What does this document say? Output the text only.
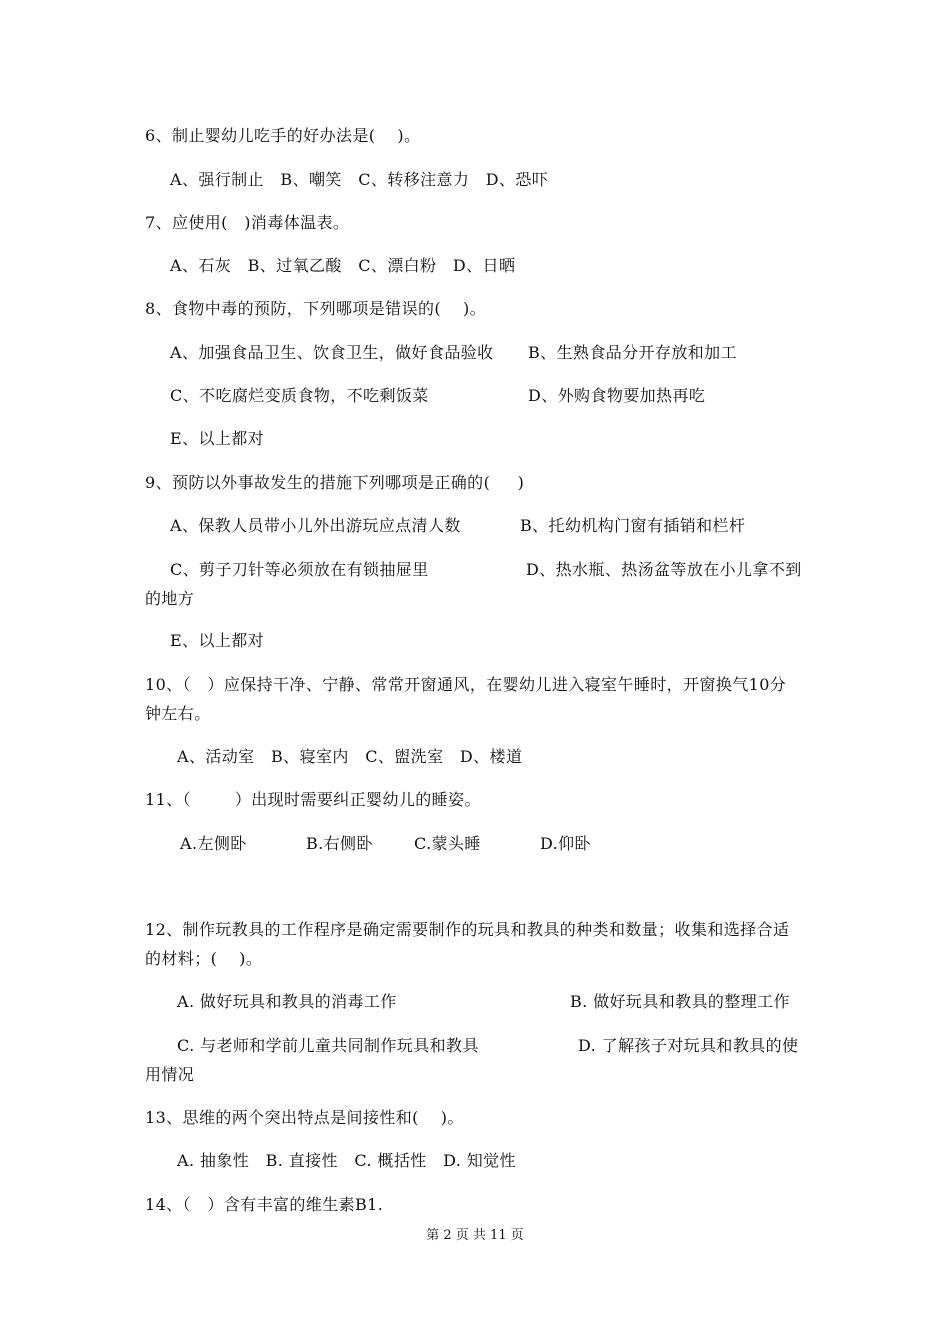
6、制止婴幼儿吃手的好办法是(    )。
A、强行制止   B、嘲笑   C、转移注意力   D、恐吓
7、应使用(   )消毒体温表。
A、石灰   B、过氧乙酸   C、漂白粉   D、日晒
8、食物中毒的预防，下列哪项是错误的(    )。
A、加强食品卫生、饮食卫生，做好食品验收 B、生熟食品分开存放和加工
C、不吃腐烂变质食物，不吃剩饭菜	D、外购食物要加热再吃
E、以上都对
9、预防以外事故发生的措施下列哪项是正确的(     )
A、保教人员带小儿外出游玩应点清人数	B、托幼机构门窗有插销和栏杆
C、剪子刀针等必须放在有锁抽屉里	D、热水瓶、热汤盆等放在小儿拿不到
的地方
E、以上都对
10、（   ）应保持干净、宁静、常常开窗通风，在婴幼儿进入寝室午睡时，开窗换气10分
钟左右。
A、活动室   B、寝室内   C、盥洗室   D、楼道
11、（        ）出现时需要纠正婴幼儿的睡姿。
A.左侧卧	B.右侧卧	C.蒙头睡	D.仰卧
12、制作玩教具的工作程序是确定需要制作的玩具和教具的种类和数量；收集和选择合适
的材料；(    )。
A. 做好玩具和教具的消毒工作	B. 做好玩具和教具的整理工作
C. 与老师和学前儿童共同制作玩具和教具	D. 了解孩子对玩具和教具的使
用情况
13、思维的两个突出特点是间接性和(    )。
A. 抽象性   B. 直接性   C. 概括性   D. 知觉性
14、（   ）含有丰富的维生素B1.
第 2 页 共 11 页
